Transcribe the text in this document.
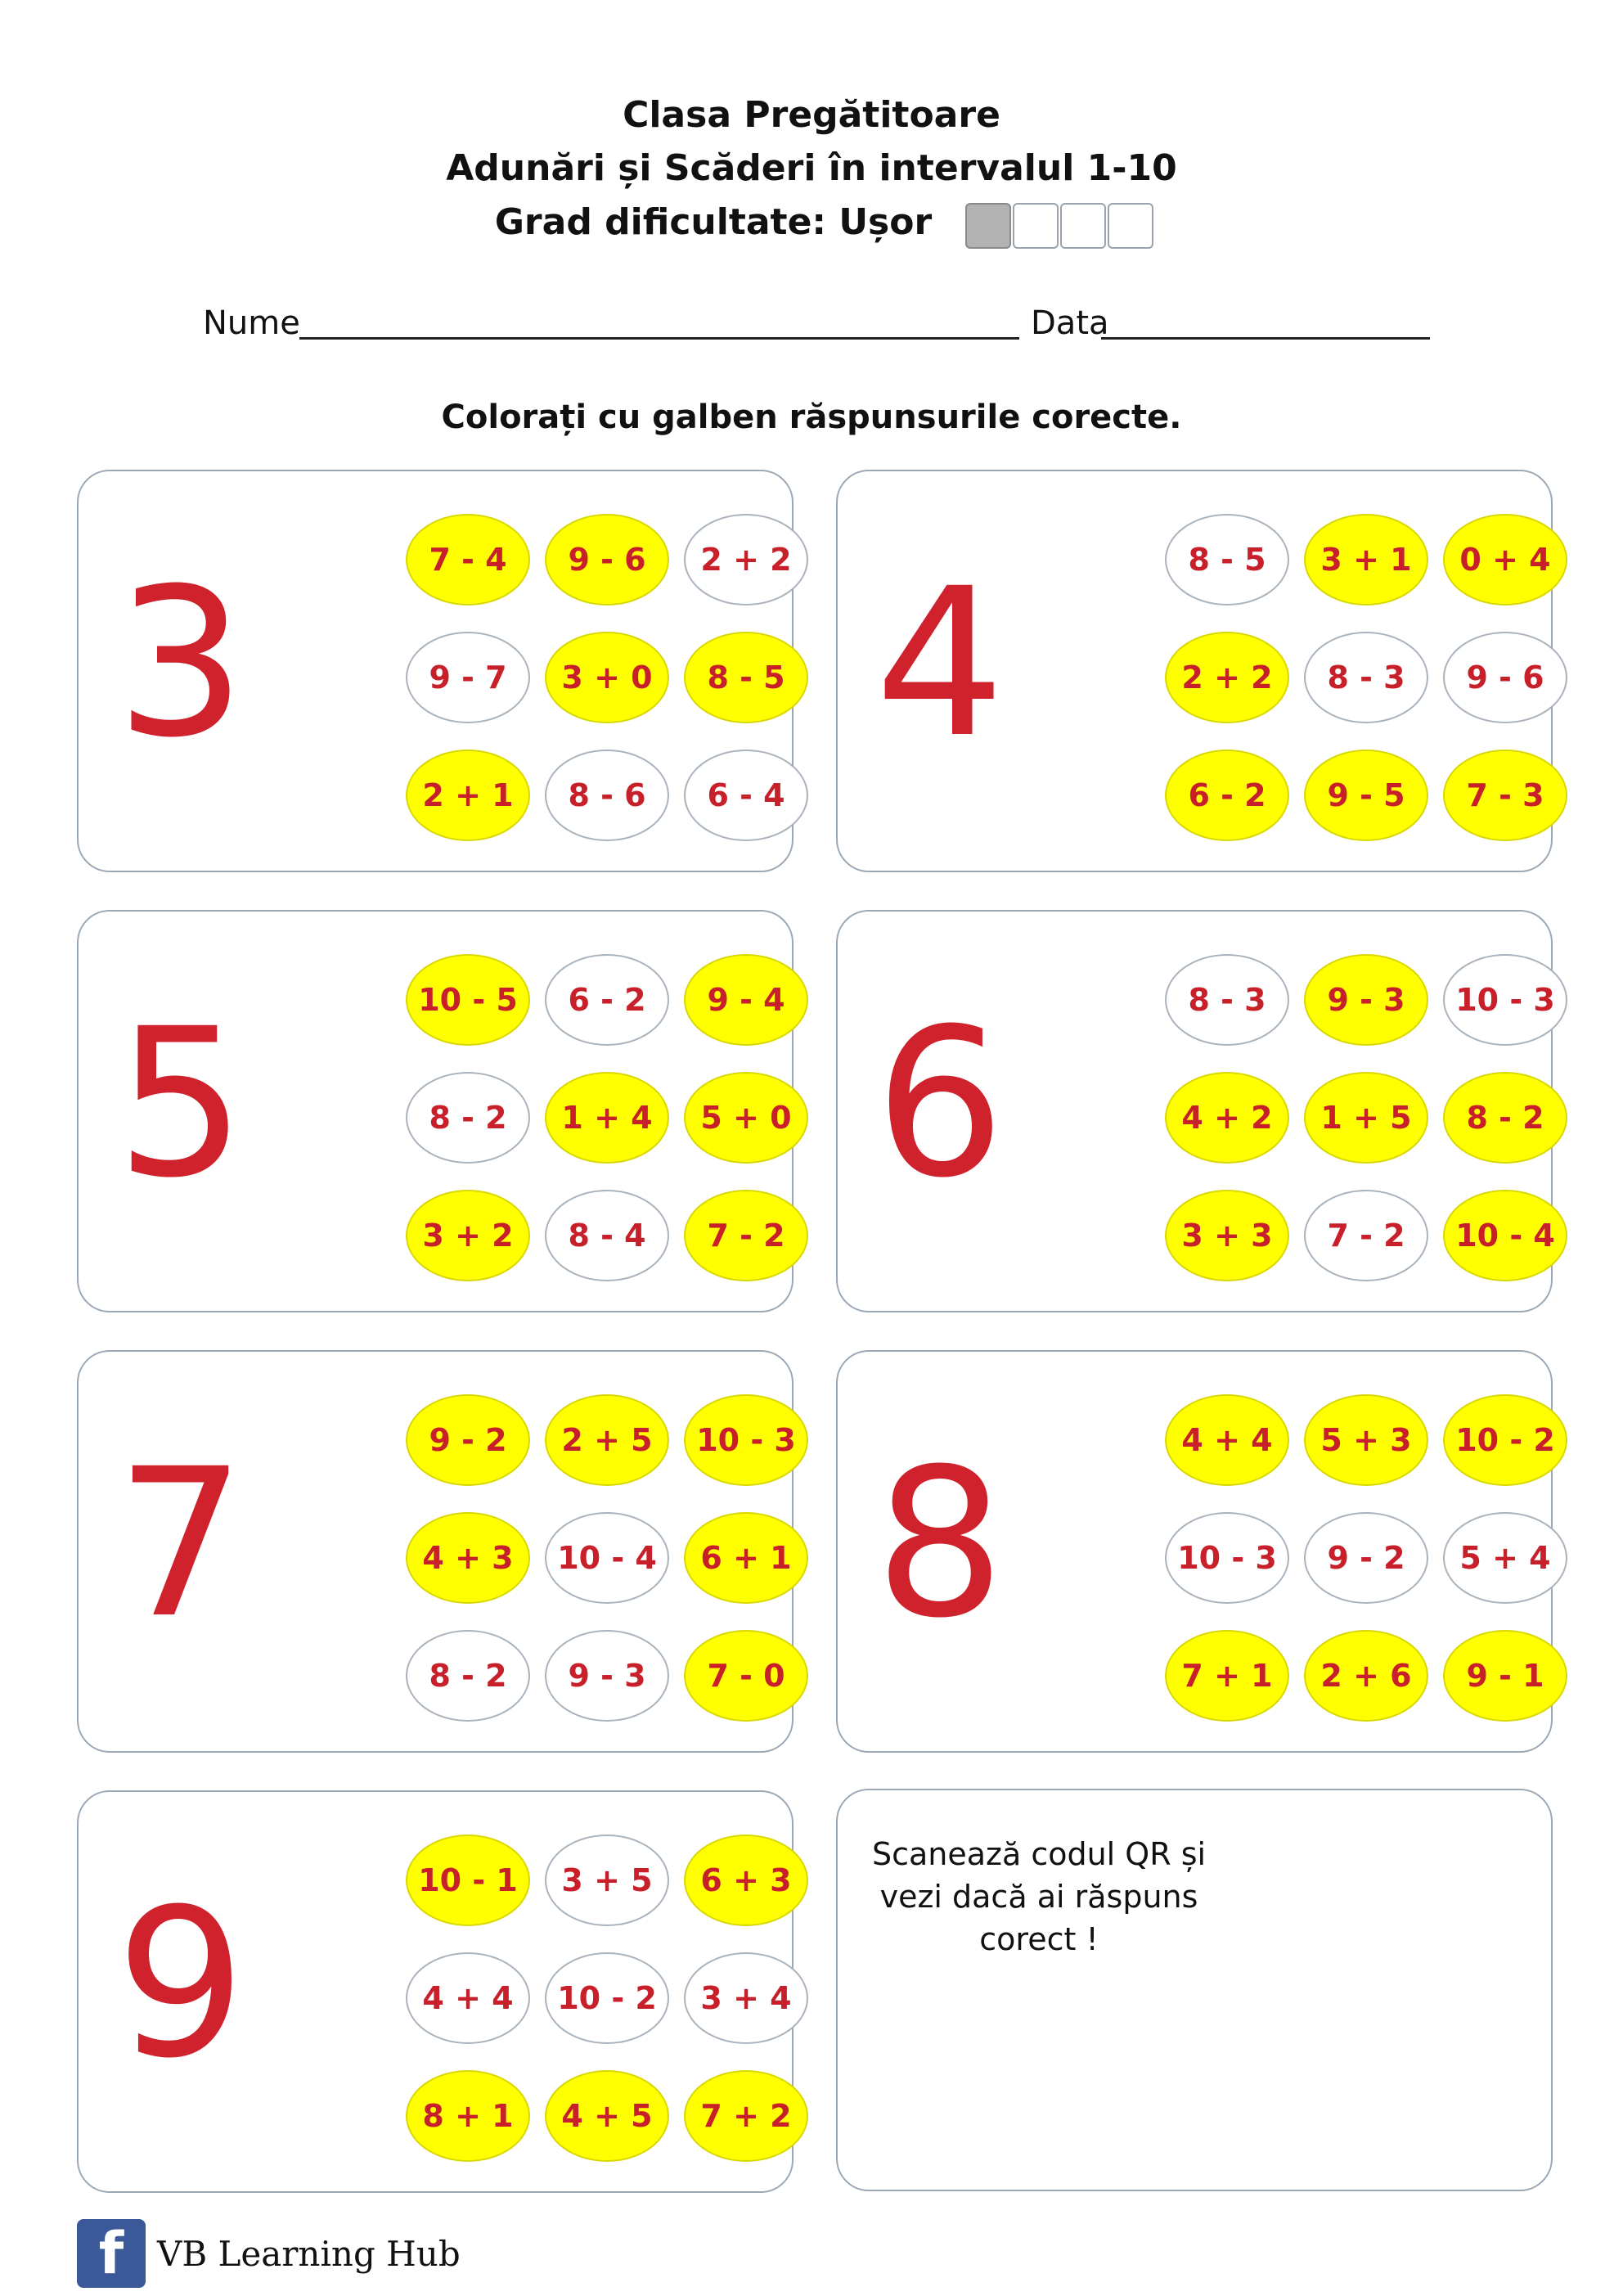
Clasa Pregătitoare
Adunări și Scăderi în intervalul 1-10
Grad dificultate: Ușor
Nume	Data
Colorați cu galben răspunsurile corecte.
3	7 - 4	9 - 6	2 + 2
9 - 7	3 + 0	8 - 5
2 + 1	8 - 6	6 - 4
4	8 - 5	3 + 1	0 + 4
2 + 2	8 - 3	9 - 6
6 - 2	9 - 5	7 - 3
5	10 - 5	6 - 2	9 - 4
8 - 2	1 + 4	5 + 0
3 + 2	8 - 4	7 - 2
6	8 - 3	9 - 3	10 - 3
4 + 2	1 + 5	8 - 2
3 + 3	7 - 2	10 - 4
7	9 - 2	2 + 5	10 - 3
4 + 3	10 - 4	6 + 1
8 - 2	9 - 3	7 - 0
8	4 + 4	5 + 3	10 - 2
10 - 3	9 - 2	5 + 4
7 + 1	2 + 6	9 - 1
9	10 - 1	3 + 5	6 + 3
4 + 4	10 - 2	3 + 4
8 + 1	4 + 5	7 + 2
Scanează codul QR și
vezi dacă ai răspuns
corect !
f VB Learning Hub
